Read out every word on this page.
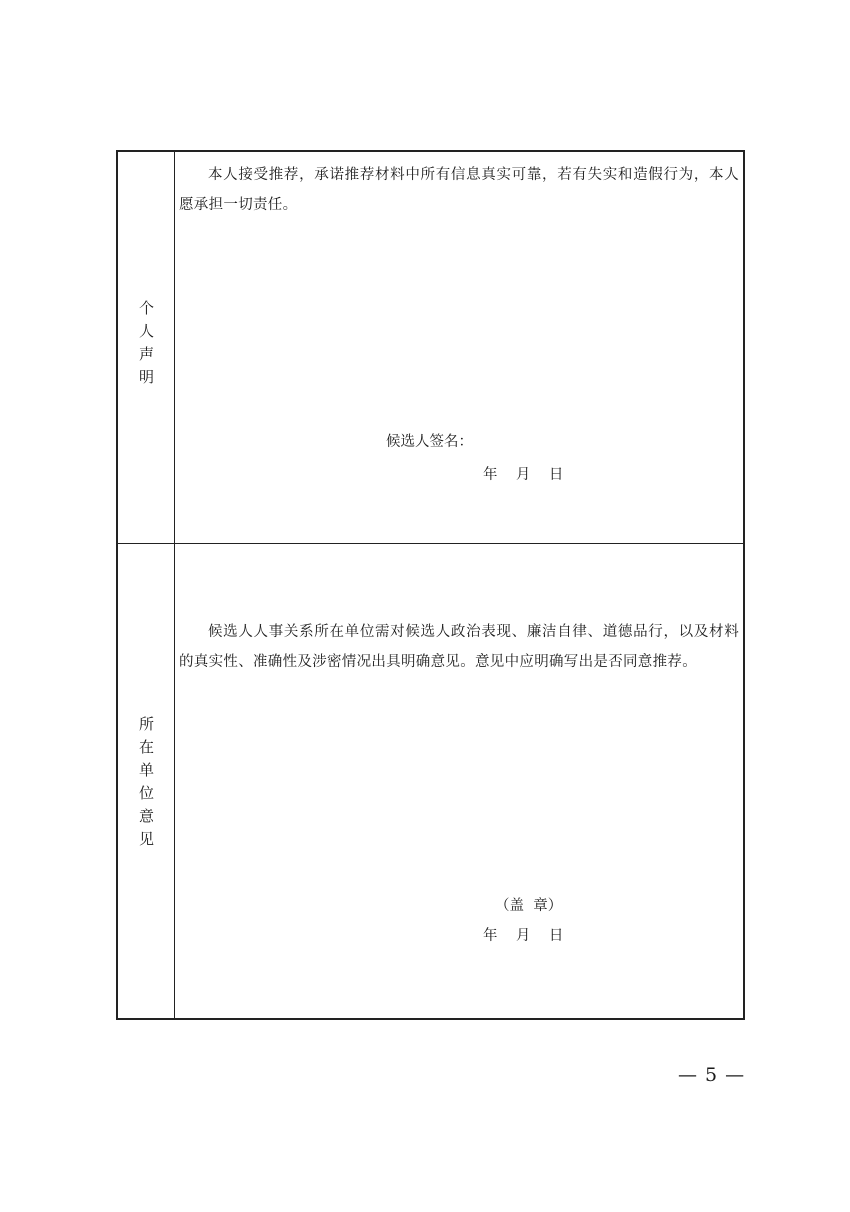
个人声明
本人接受推荐，承诺推荐材料中所有信息真实可靠，若有失实和造假行为，本人愿承担一切责任。
候选人签名：
年    月    日
所在单位意见
候选人人事关系所在单位需对候选人政治表现、廉洁自律、道德品行，以及材料的真实性、准确性及涉密情况出具明确意见。意见中应明确写出是否同意推荐。
（盖  章）
年    月    日
— 5 —
